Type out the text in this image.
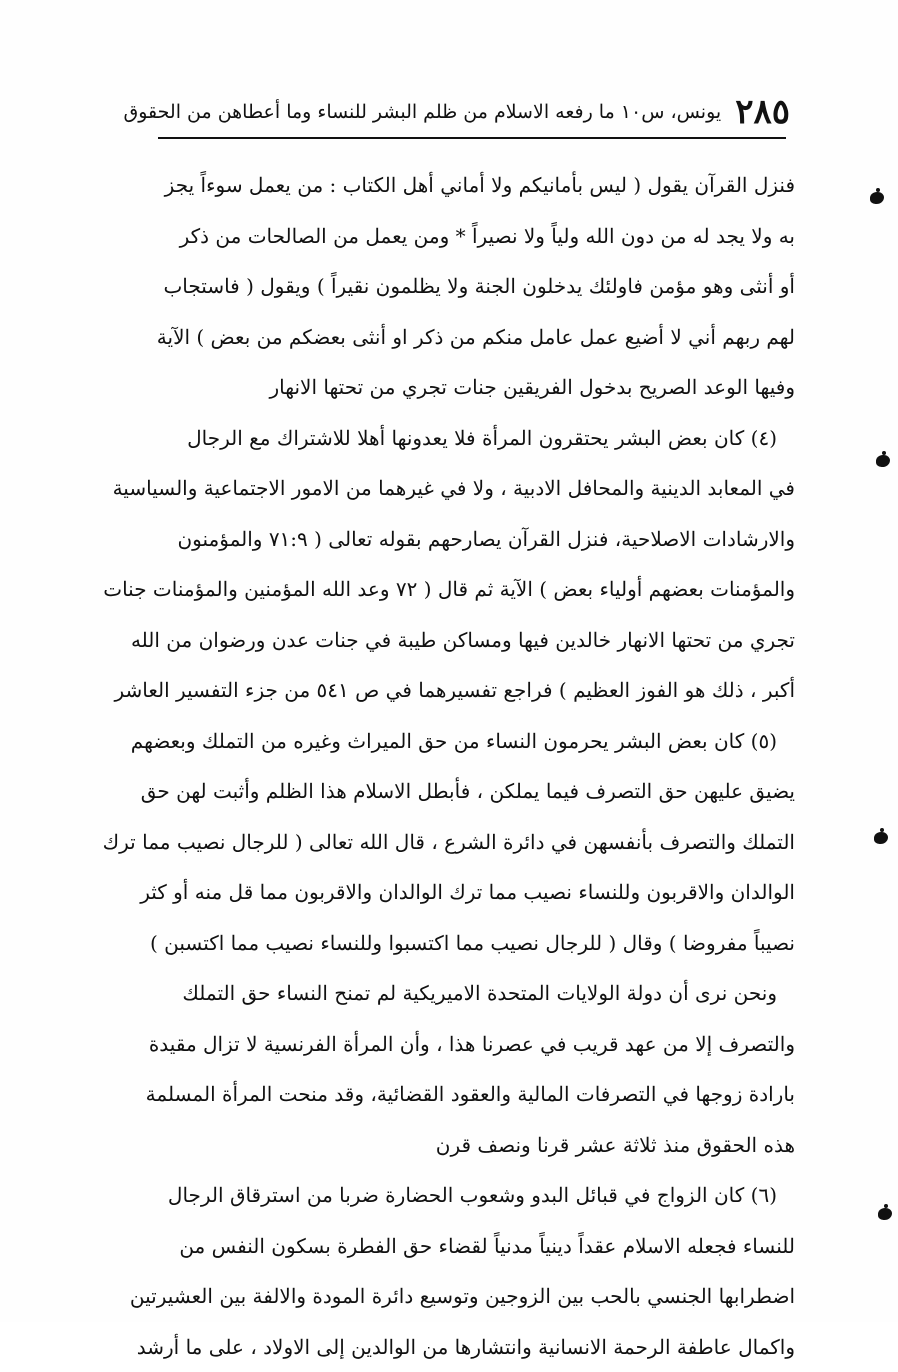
٢٨٥
يونس، س١٠ ما رفعه الاسلام من ظلم البشر للنساء وما أعطاهن من الحقوق
فنزل القرآن يقول ( ليس بأمانيكم ولا أماني أهل الكتاب : من يعمل سوءاً يجز
به ولا يجد له من دون الله ولياً ولا نصيراً * ومن يعمل من الصالحات من ذكر
أو أنثى وهو مؤمن فاولئك يدخلون الجنة ولا يظلمون نقيراً ) ويقول ( فاستجاب
لهم ربهم أني لا أضيع عمل عامل منكم من ذكر او أنثى بعضكم من بعض ) الآية
وفيها الوعد الصريح بدخول الفريقين جنات تجري من تحتها الانهار
(٤) كان بعض البشر يحتقرون المرأة فلا يعدونها أهلا للاشتراك مع الرجال
في المعابد الدينية والمحافل الادبية ، ولا في غيرهما من الامور الاجتماعية والسياسية
والارشادات الاصلاحية، فنزل القرآن يصارحهم بقوله تعالى ( ٧١:٩ والمؤمنون
والمؤمنات بعضهم أولياء بعض ) الآية ثم قال ( ٧٢ وعد الله المؤمنين والمؤمنات جنات
تجري من تحتها الانهار خالدين فيها ومساكن طيبة في جنات عدن ورضوان من الله
أكبر ، ذلك هو الفوز العظيم ) فراجع تفسيرهما في ص ٥٤١ من جزء التفسير العاشر
(٥) كان بعض البشر يحرمون النساء من حق الميراث وغيره من التملك وبعضهم
يضيق عليهن حق التصرف فيما يملكن ، فأبطل الاسلام هذا الظلم وأثبت لهن حق
التملك والتصرف بأنفسهن في دائرة الشرع ، قال الله تعالى ( للرجال نصيب مما ترك
الوالدان والاقربون وللنساء نصيب مما ترك الوالدان والاقربون مما قل منه أو كثر
نصيباً مفروضا ) وقال ( للرجال نصيب مما اكتسبوا وللنساء نصيب مما اكتسبن )
ونحن نرى أن دولة الولايات المتحدة الاميريكية لم تمنح النساء حق التملك
والتصرف إلا من عهد قريب في عصرنا هذا ، وأن المرأة الفرنسية لا تزال مقيدة
بارادة زوجها في التصرفات المالية والعقود القضائية، وقد منحت المرأة المسلمة
هذه الحقوق منذ ثلاثة عشر قرنا ونصف قرن
(٦) كان الزواج في قبائل البدو وشعوب الحضارة ضربا من استرقاق الرجال
للنساء فجعله الاسلام عقداً دينياً مدنياً لقضاء حق الفطرة بسكون النفس من
اضطرابها الجنسي بالحب بين الزوجين وتوسيع دائرة المودة والالفة بين العشيرتين
واكمال عاطفة الرحمة الانسانية وانتشارها من الوالدين إلى الاولاد ، على ما أرشد
